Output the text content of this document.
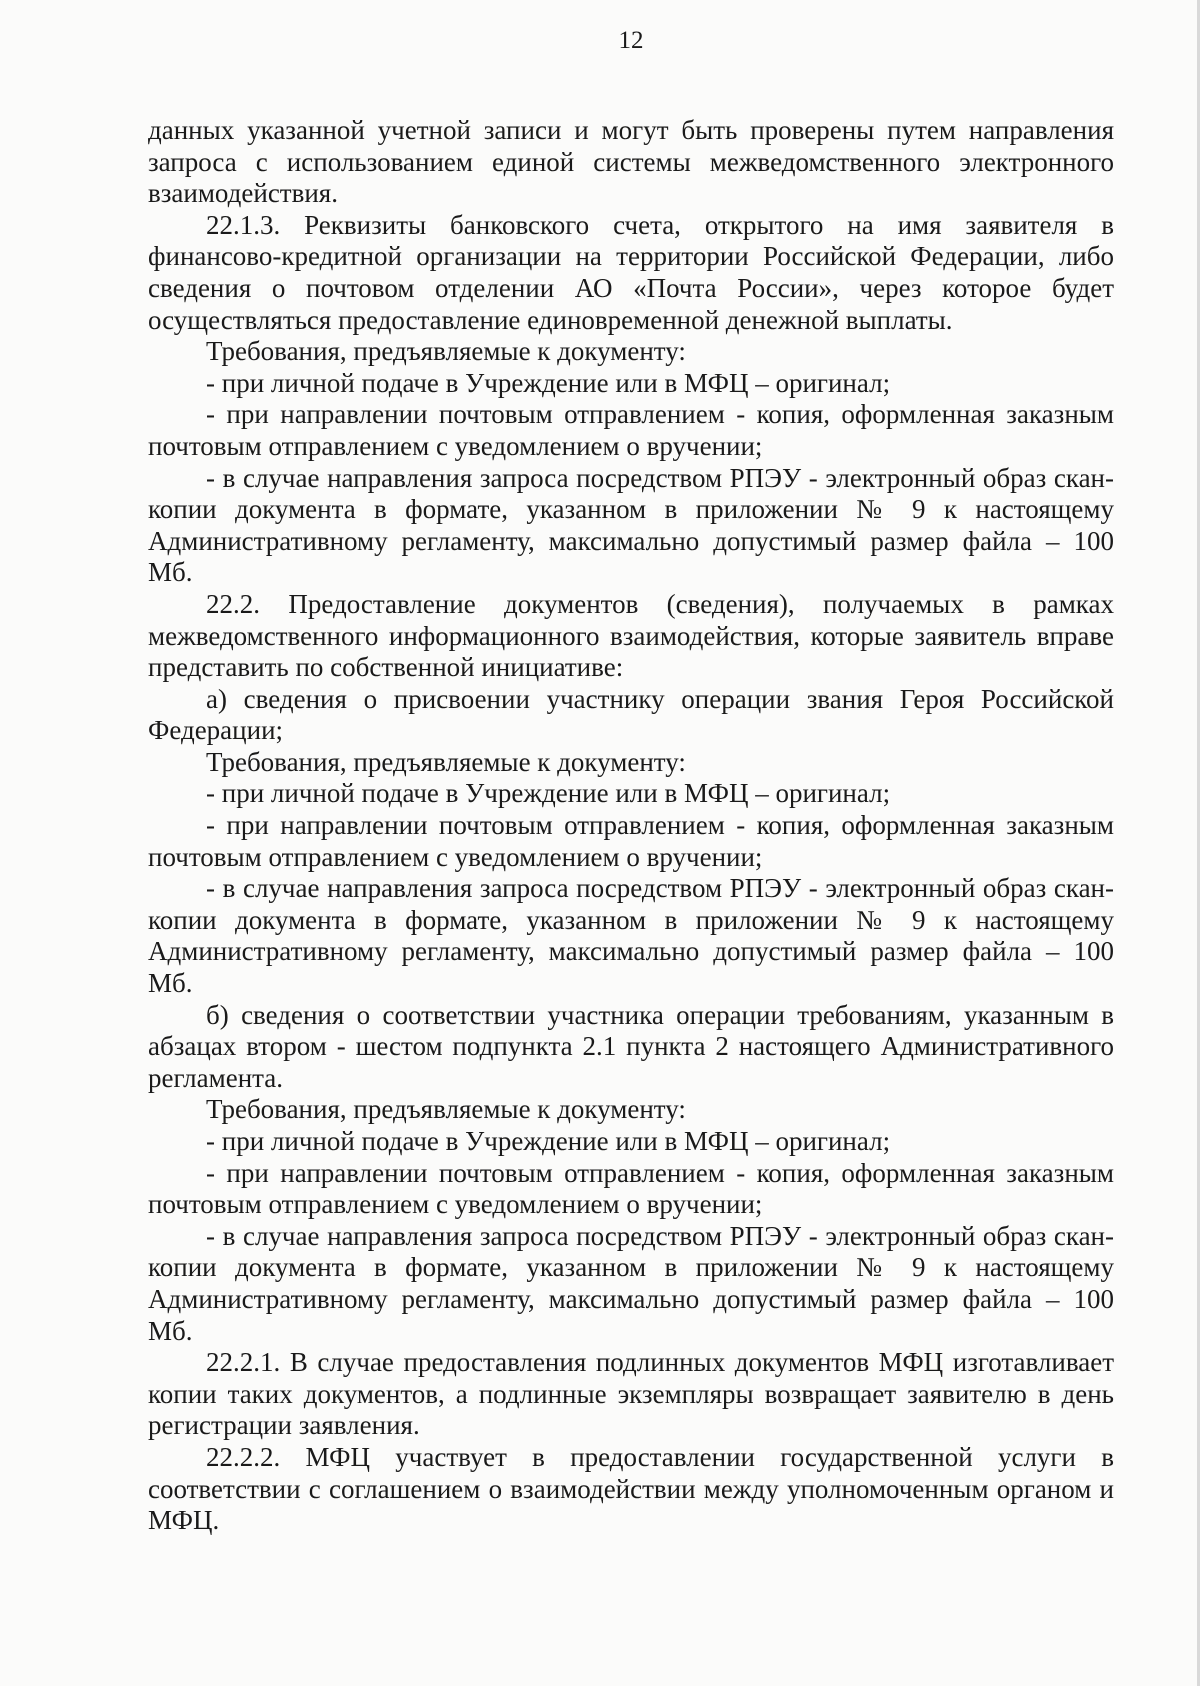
12

данных указанной учетной записи и могут быть проверены путем направления запроса с использованием единой системы межведомственного электронного взаимодействия.

22.1.3. Реквизиты банковского счета, открытого на имя заявителя в финансово-кредитной организации на территории Российской Федерации, либо сведения о почтовом отделении АО «Почта России», через которое будет осуществляться предоставление единовременной денежной выплаты.

Требования, предъявляемые к документу:

- при личной подаче в Учреждение или в МФЦ – оригинал;

- при направлении почтовым отправлением - копия, оформленная заказным почтовым отправлением с уведомлением о вручении;

- в случае направления запроса посредством РПЭУ - электронный образ скан-копии документа в формате, указанном в приложении № 9 к настоящему Административному регламенту, максимально допустимый размер файла – 100 Мб.

22.2. Предоставление документов (сведения), получаемых в рамках межведомственного информационного взаимодействия, которые заявитель вправе представить по собственной инициативе:

а) сведения о присвоении участнику операции звания Героя Российской Федерации;

Требования, предъявляемые к документу:

- при личной подаче в Учреждение или в МФЦ – оригинал;

- при направлении почтовым отправлением - копия, оформленная заказным почтовым отправлением с уведомлением о вручении;

- в случае направления запроса посредством РПЭУ - электронный образ скан-копии документа в формате, указанном в приложении № 9 к настоящему Административному регламенту, максимально допустимый размер файла – 100 Мб.

б) сведения о соответствии участника операции требованиям, указанным в абзацах втором - шестом подпункта 2.1 пункта 2 настоящего Административного регламента.

Требования, предъявляемые к документу:

- при личной подаче в Учреждение или в МФЦ – оригинал;

- при направлении почтовым отправлением - копия, оформленная заказным почтовым отправлением с уведомлением о вручении;

- в случае направления запроса посредством РПЭУ - электронный образ скан-копии документа в формате, указанном в приложении № 9 к настоящему Административному регламенту, максимально допустимый размер файла – 100 Мб.

22.2.1. В случае предоставления подлинных документов МФЦ изготавливает копии таких документов, а подлинные экземпляры возвращает заявителю в день регистрации заявления.

22.2.2. МФЦ участвует в предоставлении государственной услуги в соответствии с соглашением о взаимодействии между уполномоченным органом и МФЦ.
